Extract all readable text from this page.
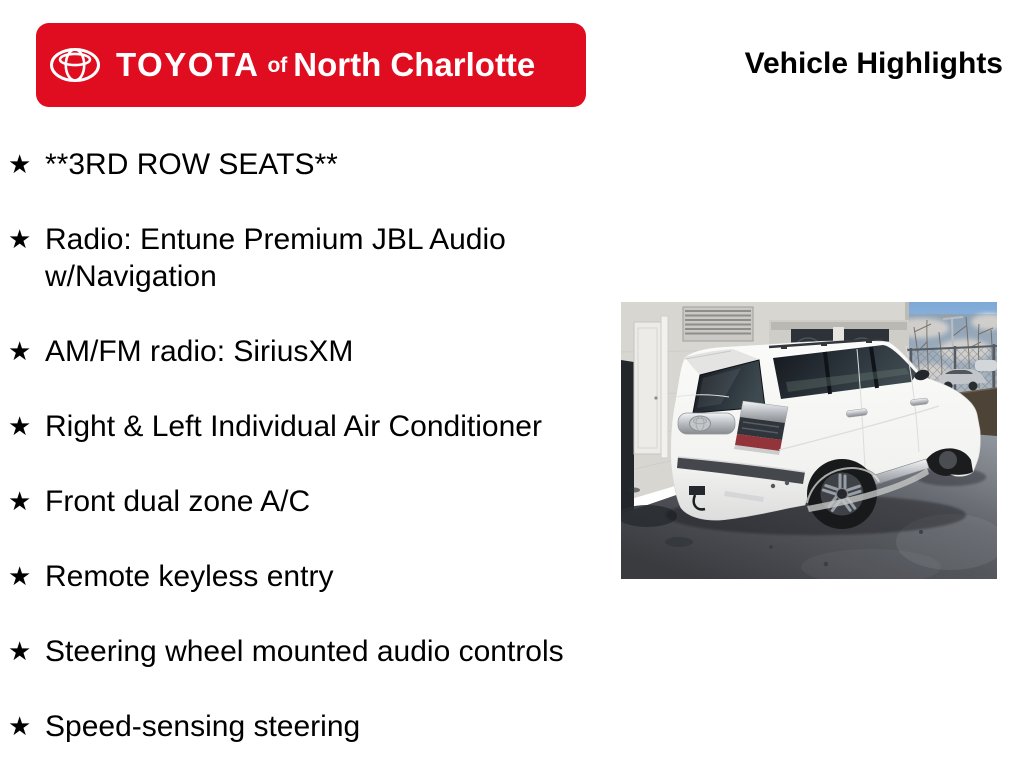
TOYOTA of North Charlotte	Vehicle Highlights
★ **3RD ROW SEATS**
★ Radio: Entune Premium JBL Audio w/Navigation
★ AM/FM radio: SiriusXM
★ Right & Left Individual Air Conditioner
★ Front dual zone A/C
★ Remote keyless entry
★ Steering wheel mounted audio controls
★ Speed-sensing steering
